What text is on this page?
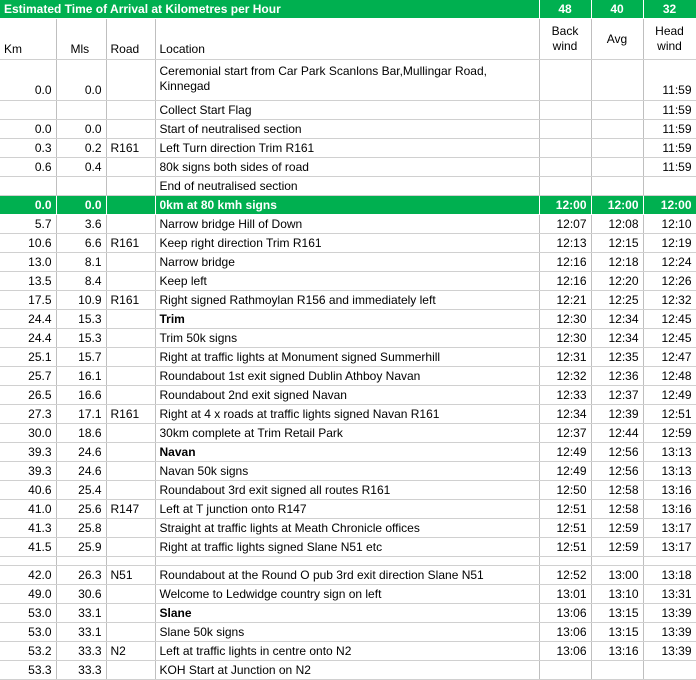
Estimated Time of Arrival at Kilometres per Hour				48	40	32
Km	Mls	Road	Location	Back wind	Avg	Head wind
0.0	0.0		Ceremonial start from Car Park Scanlons Bar,Mullingar Road, Kinnegad			11:59
			Collect Start Flag			11:59
0.0	0.0		Start of neutralised section			11:59
0.3	0.2	R161	Left Turn direction Trim R161			11:59
0.6	0.4		80k signs both sides of road			11:59
			End of neutralised section			
0.0	0.0		0km at 80 kmh signs	12:00	12:00	12:00
5.7	3.6		Narrow bridge Hill of Down	12:07	12:08	12:10
10.6	6.6	R161	Keep right direction Trim R161	12:13	12:15	12:19
13.0	8.1		Narrow bridge	12:16	12:18	12:24
13.5	8.4		Keep left	12:16	12:20	12:26
17.5	10.9	R161	Right signed Rathmoylan R156 and immediately left	12:21	12:25	12:32
24.4	15.3		Trim	12:30	12:34	12:45
24.4	15.3		Trim 50k signs	12:30	12:34	12:45
25.1	15.7		Right at traffic lights at Monument signed Summerhill	12:31	12:35	12:47
25.7	16.1		Roundabout 1st exit signed Dublin Athboy Navan	12:32	12:36	12:48
26.5	16.6		Roundabout 2nd exit signed Navan	12:33	12:37	12:49
27.3	17.1	R161	Right at 4 x roads at traffic lights signed Navan R161	12:34	12:39	12:51
30.0	18.6		30km complete at Trim Retail Park	12:37	12:44	12:59
39.3	24.6		Navan	12:49	12:56	13:13
39.3	24.6		Navan 50k signs	12:49	12:56	13:13
40.6	25.4		Roundabout 3rd exit signed all routes R161	12:50	12:58	13:16
41.0	25.6	R147	Left at T junction onto R147	12:51	12:58	13:16
41.3	25.8		Straight at traffic lights at Meath Chronicle offices	12:51	12:59	13:17
41.5	25.9		Right at traffic lights signed Slane N51 etc	12:51	12:59	13:17

42.0	26.3	N51	Roundabout at the Round O pub 3rd exit direction Slane N51	12:52	13:00	13:18
49.0	30.6		Welcome to Ledwidge country sign on left	13:01	13:10	13:31
53.0	33.1		Slane	13:06	13:15	13:39
53.0	33.1		Slane 50k signs	13:06	13:15	13:39
53.2	33.3	N2	Left at traffic lights in centre onto N2	13:06	13:16	13:39
53.3	33.3		KOH Start at Junction on N2			
